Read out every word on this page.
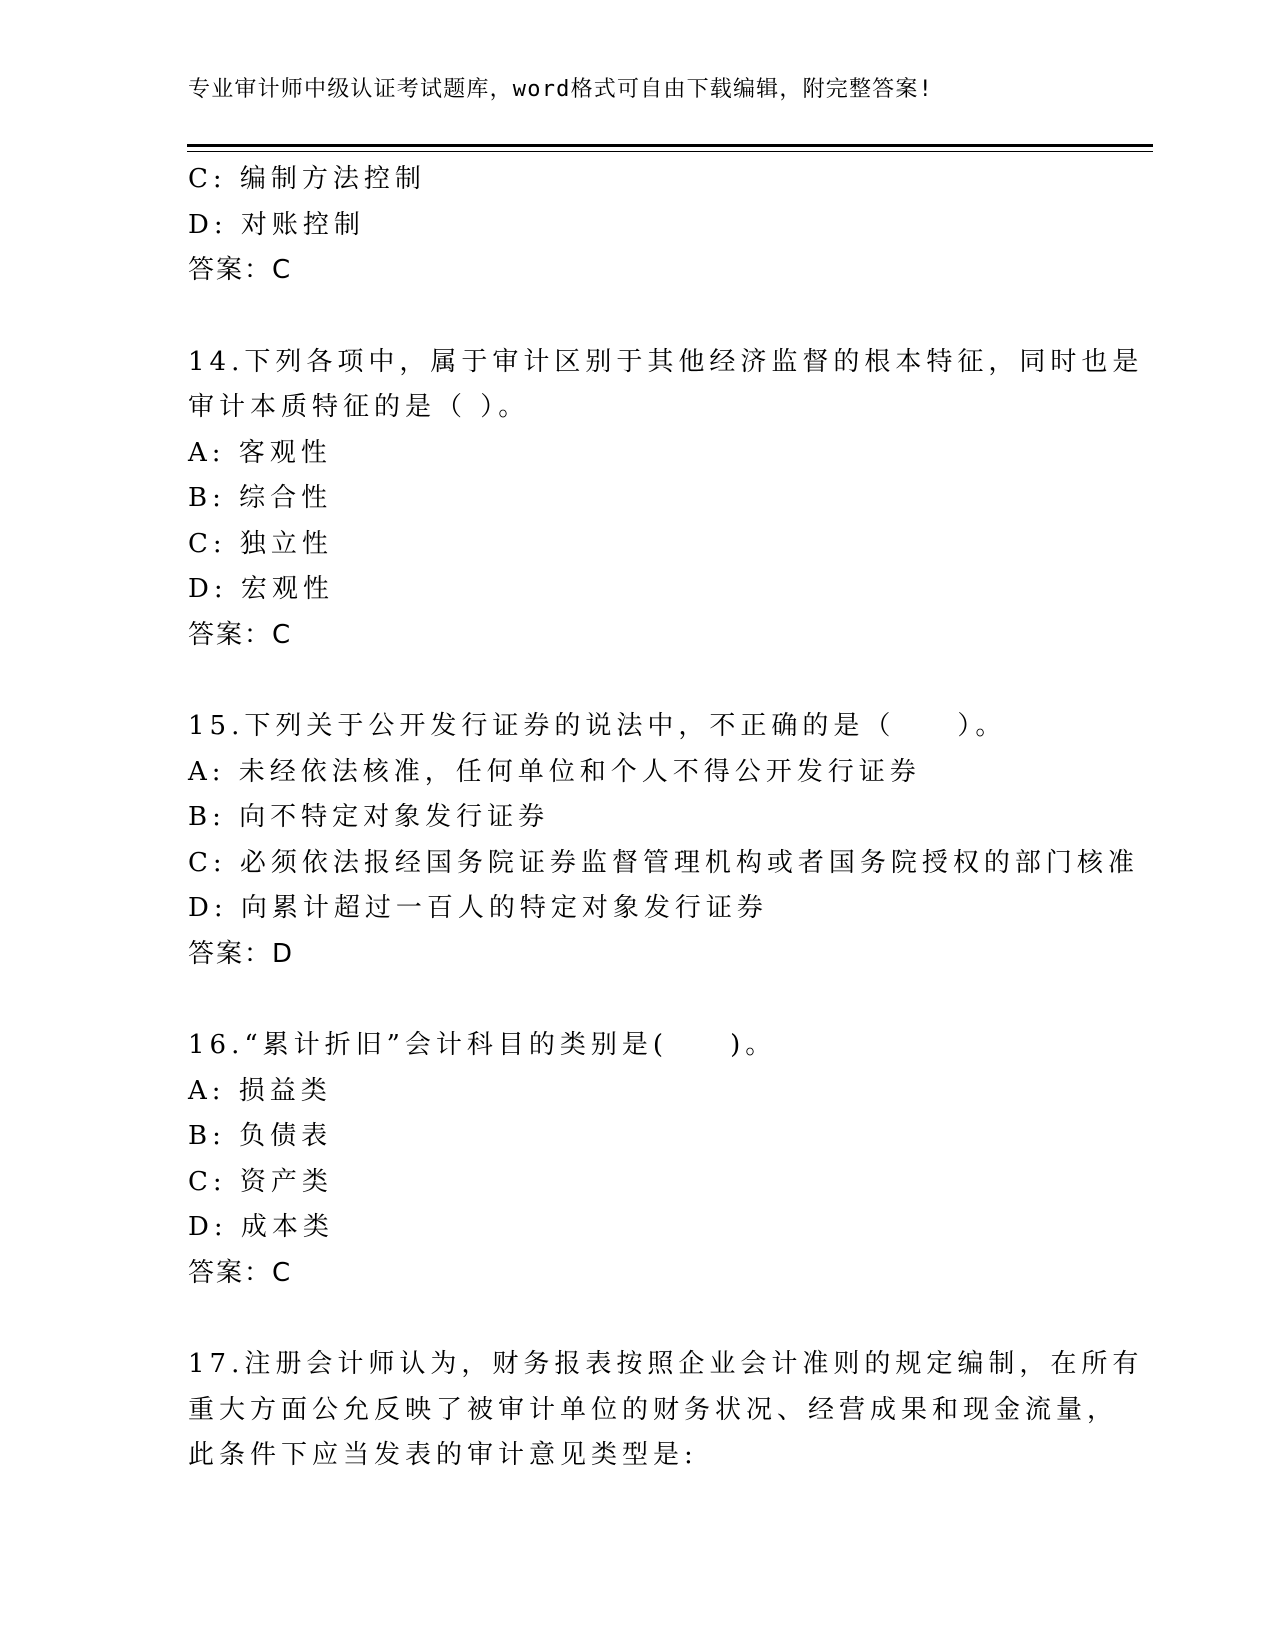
专业审计师中级认证考试题库，word格式可自由下载编辑，附完整答案!
C: 编制方法控制
D: 对账控制
答案：C
14.下列各项中，属于审计区别于其他经济监督的根本特征，同时也是
审计本质特征的是（ ）。
A: 客观性
B: 综合性
C: 独立性
D: 宏观性
答案：C
15.下列关于公开发行证券的说法中，不正确的是（　　）。
A: 未经依法核准，任何单位和个人不得公开发行证券
B: 向不特定对象发行证券
C: 必须依法报经国务院证券监督管理机构或者国务院授权的部门核准
D: 向累计超过一百人的特定对象发行证券
答案：D
16.“累计折旧”会计科目的类别是(　　)。
A: 损益类
B: 负债表
C: 资产类
D: 成本类
答案：C
17.注册会计师认为，财务报表按照企业会计准则的规定编制，在所有
重大方面公允反映了被审计单位的财务状况、经营成果和现金流量，
此条件下应当发表的审计意见类型是:
